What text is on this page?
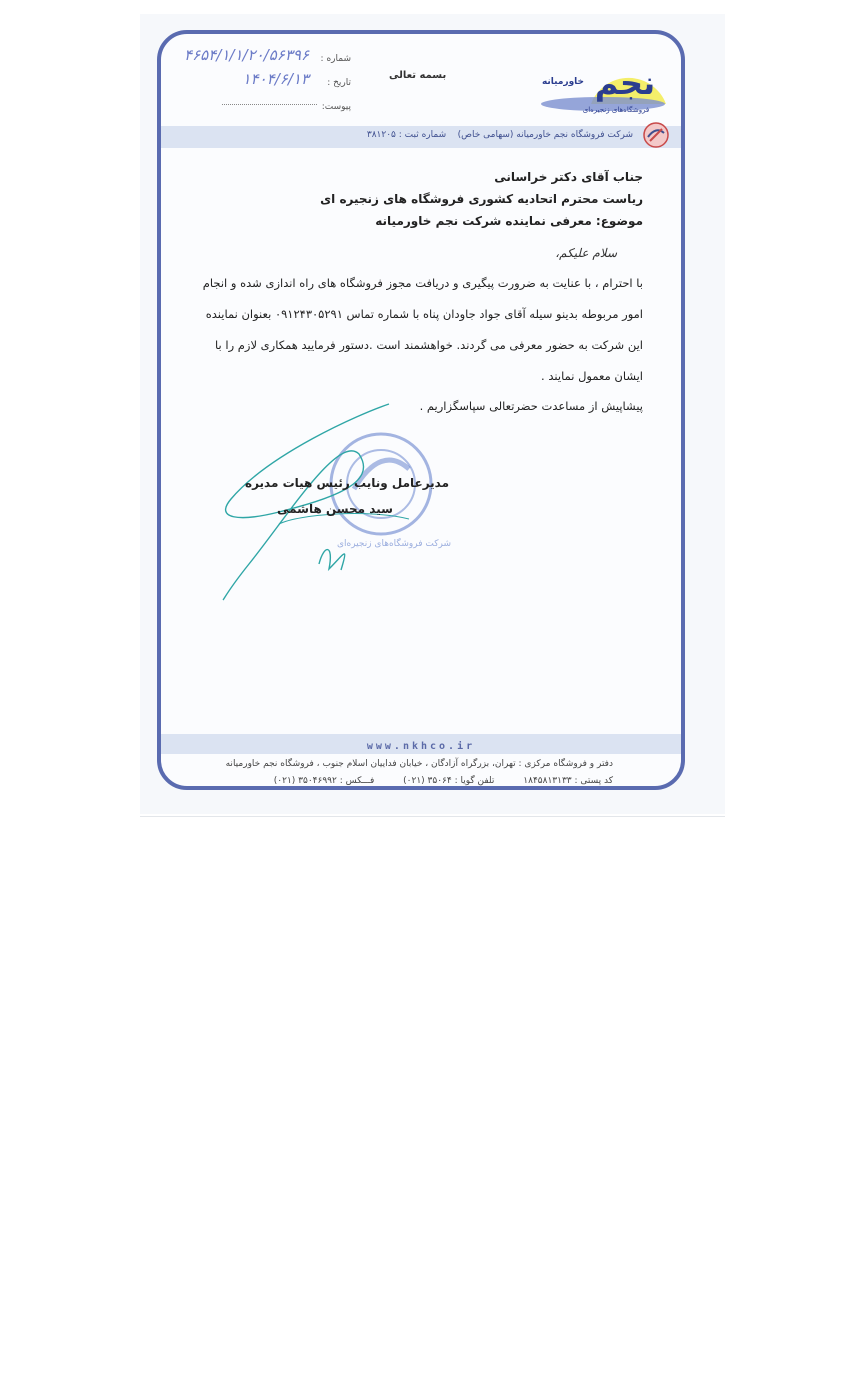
نجم
خاورمیانه
فروشگاه‌های زنجیره‌ای
بسمه تعالی
شماره :
۴۶۵۴/۱/۱/۲۰/۵۶۳۹۶
تاریخ :
۱۴۰۴/۶/۱۳
پیوست:
شرکت فروشگاه نجم خاورمیانه (سهامی خاص)    شماره ثبت : ۳۸۱۲۰۵

جناب آقای دکتر خراسانی

ریاست محترم اتحادیه کشوری فروشگاه های زنجیره ای

موضوع: معرفی نماینده شرکت نجم خاورمیانه

سلام علیکم،

با احترام ، با عنایت به ضرورت پیگیری و دریافت مجوز فروشگاه های راه اندازی شده و انجام

امور مربوطه بدینو سیله آقای جواد جاودان پناه با شماره تماس ۰۹۱۲۴۳۰۵۲۹۱ بعنوان نماینده

این شرکت به حضور معرفی می گردند. خواهشمند است .دستور فرمایید همکاری لازم را با

ایشان معمول نمایند .

پیشاپیش از مساعدت حضرتعالی سپاسگزاریم .

شرکت فروشگاه‌های زنجیره‌ای
مدیرعامل ونایب رئیس هیات مدیره
سید محسن هاشمی
www.nkhco.ir
دفتر و فروشگاه مرکزی : تهران، بزرگراه آزادگان ، خیابان فداییان اسلام جنوب ، فروشگاه نجم خاورمیانه
کد پستی : ۱۸۴۵۸۱۳۱۳۳ تلفن گویا : ۳۵۰۶۴ (۰۲۱) فـــکس : ۳۵۰۴۶۹۹۲ (۰۲۱)
